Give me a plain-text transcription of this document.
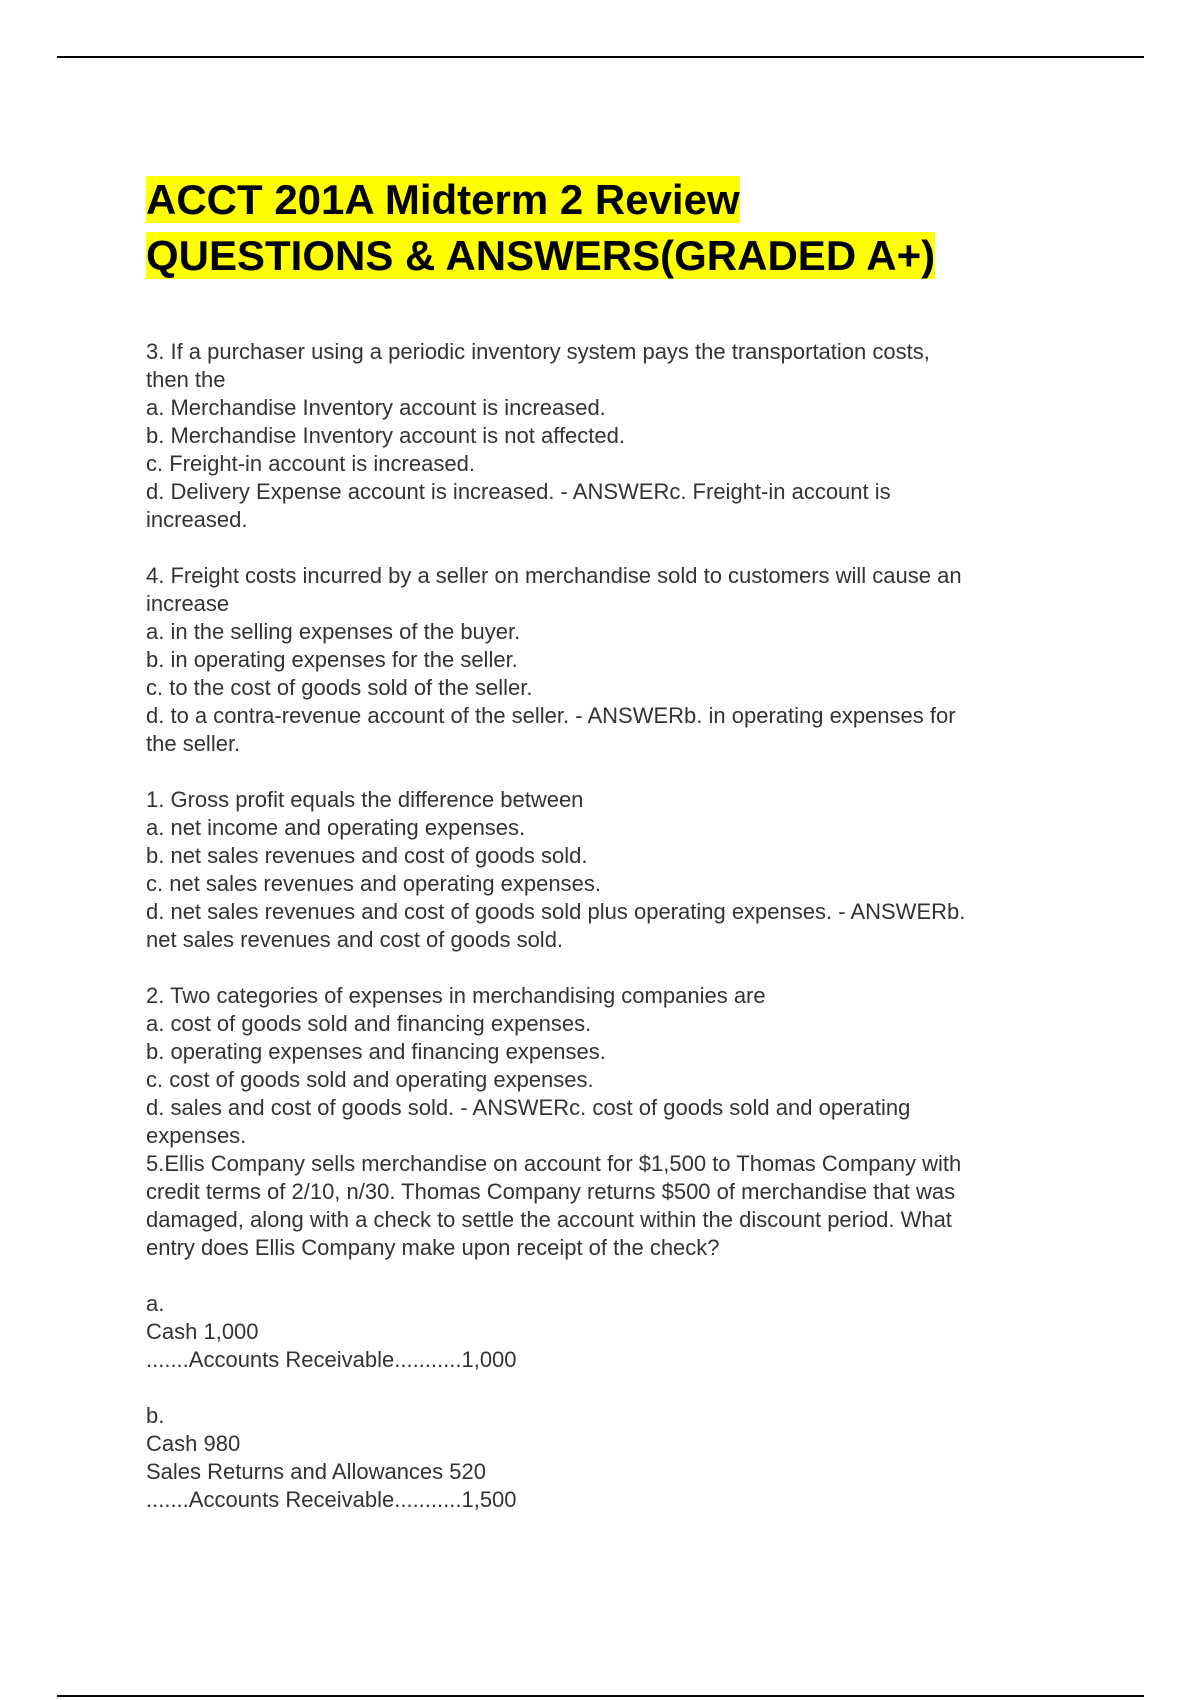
ACCT 201A Midterm 2 Review
QUESTIONS & ANSWERS(GRADED A+)
3. If a purchaser using a periodic inventory system pays the transportation costs,
then the
a. Merchandise Inventory account is increased.
b. Merchandise Inventory account is not affected.
c. Freight-in account is increased.
d. Delivery Expense account is increased. - ANSWERc. Freight-in account is
increased.
4. Freight costs incurred by a seller on merchandise sold to customers will cause an
increase
a. in the selling expenses of the buyer.
b. in operating expenses for the seller.
c. to the cost of goods sold of the seller.
d. to a contra-revenue account of the seller. - ANSWERb. in operating expenses for
the seller.
1. Gross profit equals the difference between
a. net income and operating expenses.
b. net sales revenues and cost of goods sold.
c. net sales revenues and operating expenses.
d. net sales revenues and cost of goods sold plus operating expenses. - ANSWERb.
net sales revenues and cost of goods sold.
2. Two categories of expenses in merchandising companies are
a. cost of goods sold and financing expenses.
b. operating expenses and financing expenses.
c. cost of goods sold and operating expenses.
d. sales and cost of goods sold. - ANSWERc. cost of goods sold and operating
expenses.
5.Ellis Company sells merchandise on account for $1,500 to Thomas Company with
credit terms of 2/10, n/30. Thomas Company returns $500 of merchandise that was
damaged, along with a check to settle the account within the discount period. What
entry does Ellis Company make upon receipt of the check?
a.
Cash 1,000
.......Accounts Receivable...........1,000
b.
Cash 980
Sales Returns and Allowances 520
.......Accounts Receivable...........1,500
